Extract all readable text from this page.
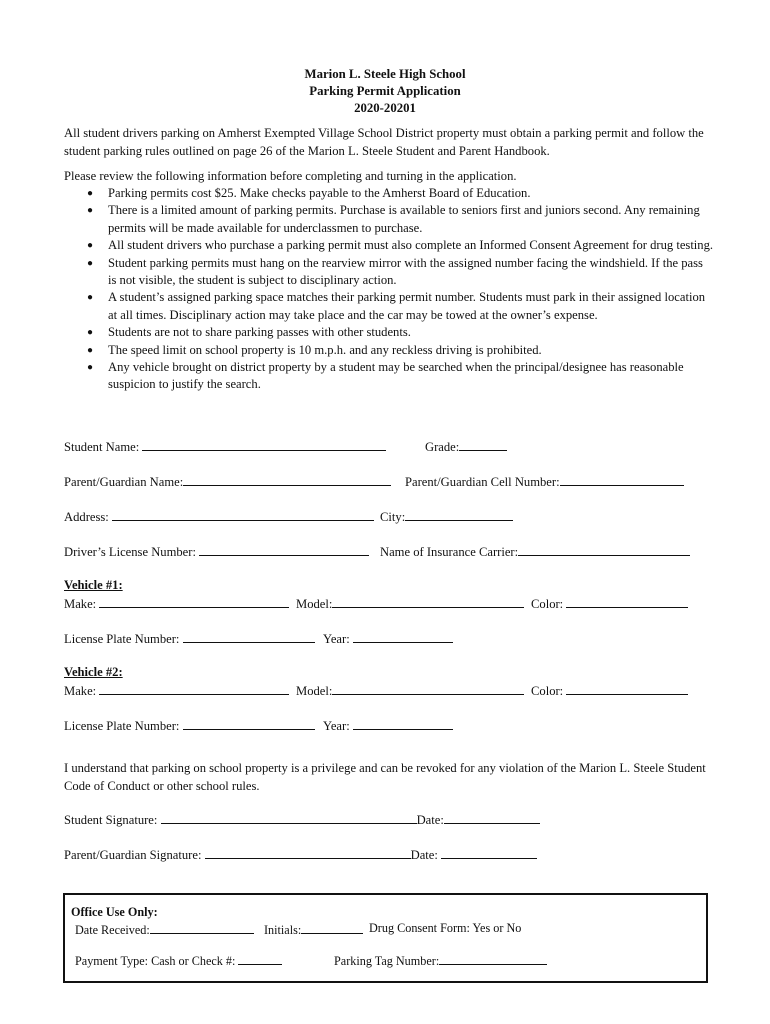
Marion L. Steele High School
Parking Permit Application
2020-20201
All student drivers parking on Amherst Exempted Village School District property must obtain a parking permit and follow the student parking rules outlined on page 26 of the Marion L. Steele Student and Parent Handbook.
Please review the following information before completing and turning in the application.
● Parking permits cost $25. Make checks payable to the Amherst Board of Education.
● There is a limited amount of parking permits. Purchase is available to seniors first and juniors second. Any remaining permits will be made available for underclassmen to purchase.
● All student drivers who purchase a parking permit must also complete an Informed Consent Agreement for drug testing.
● Student parking permits must hang on the rearview mirror with the assigned number facing the windshield. If the pass is not visible, the student is subject to disciplinary action.
● A student’s assigned parking space matches their parking permit number. Students must park in their assigned location at all times. Disciplinary action may take place and the car may be towed at the owner’s expense.
● Students are not to share parking passes with other students.
● The speed limit on school property is 10 m.p.h. and any reckless driving is prohibited.
● Any vehicle brought on district property by a student may be searched when the principal/designee has reasonable suspicion to justify the search.
Student Name:	Grade:
Parent/Guardian Name:	Parent/Guardian Cell Number:
Address:	City:
Driver’s License Number:	Name of Insurance Carrier:
Vehicle #1:
Make:	Model:	Color:
License Plate Number:	Year:
Vehicle #2:
Make:	Model:	Color:
License Plate Number:	Year:
I understand that parking on school property is a privilege and can be revoked for any violation of the Marion L. Steele Student Code of Conduct or other school rules.
Student Signature:	Date:
Parent/Guardian Signature:	Date:
Office Use Only:
Date Received:	Initials:	Drug Consent Form: Yes or No
Payment Type: Cash or Check #:	Parking Tag Number:
